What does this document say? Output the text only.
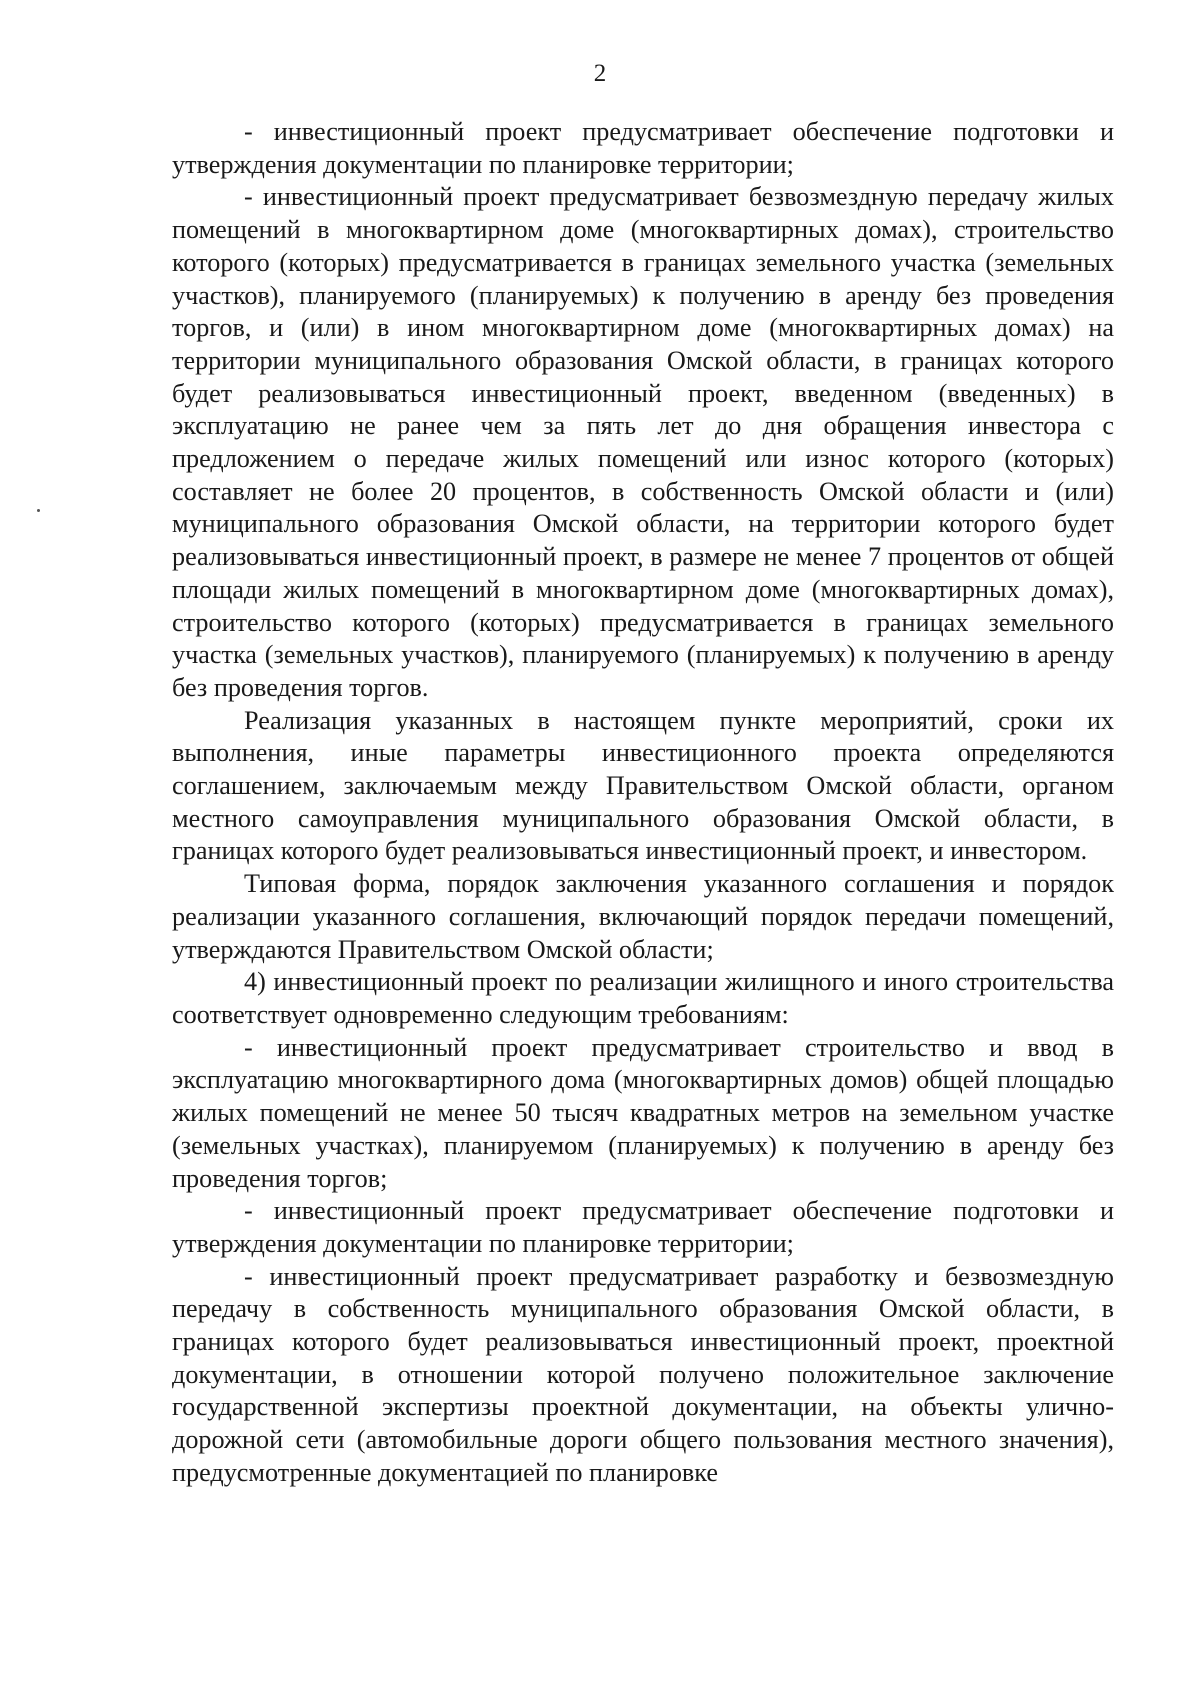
2

- инвестиционный проект предусматривает обеспечение подготовки и утверждения документации по планировке территории;

- инвестиционный проект предусматривает безвозмездную передачу жилых помещений в многоквартирном доме (многоквартирных домах), строительство которого (которых) предусматривается в границах земельного участка (земельных участков), планируемого (планируемых) к получению в аренду без проведения торгов, и (или) в ином многоквартирном доме (многоквартирных домах) на территории муниципального образования Омской области, в границах которого будет реализовываться инвестиционный проект, введенном (введенных) в эксплуатацию не ранее чем за пять лет до дня обращения инвестора с предложением о передаче жилых помещений или износ которого (которых) составляет не более 20 процентов, в собственность Омской области и (или) муниципального образования Омской области, на территории которого будет реализовываться инвестиционный проект, в размере не менее 7 процентов от общей площади жилых помещений в многоквартирном доме (многоквартирных домах), строительство которого (которых) предусматривается в границах земельного участка (земельных участков), планируемого (планируемых) к получению в аренду без проведения торгов.

Реализация указанных в настоящем пункте мероприятий, сроки их выполнения, иные параметры инвестиционного проекта определяются соглашением, заключаемым между Правительством Омской области, органом местного самоуправления муниципального образования Омской области, в границах которого будет реализовываться инвестиционный проект, и инвестором.

Типовая форма, порядок заключения указанного соглашения и порядок реализации указанного соглашения, включающий порядок передачи помещений, утверждаются Правительством Омской области;

4) инвестиционный проект по реализации жилищного и иного строительства соответствует одновременно следующим требованиям:

- инвестиционный проект предусматривает строительство и ввод в эксплуатацию многоквартирного дома (многоквартирных домов) общей площадью жилых помещений не менее 50 тысяч квадратных метров на земельном участке (земельных участках), планируемом (планируемых) к получению в аренду без проведения торгов;

- инвестиционный проект предусматривает обеспечение подготовки и утверждения документации по планировке территории;

- инвестиционный проект предусматривает разработку и безвозмездную передачу в собственность муниципального образования Омской области, в границах которого будет реализовываться инвестиционный проект, проектной документации, в отношении которой получено положительное заключение государственной экспертизы проектной документации, на объекты улично-дорожной сети (автомобильные дороги общего пользования местного значения), предусмотренные документацией по планировке
